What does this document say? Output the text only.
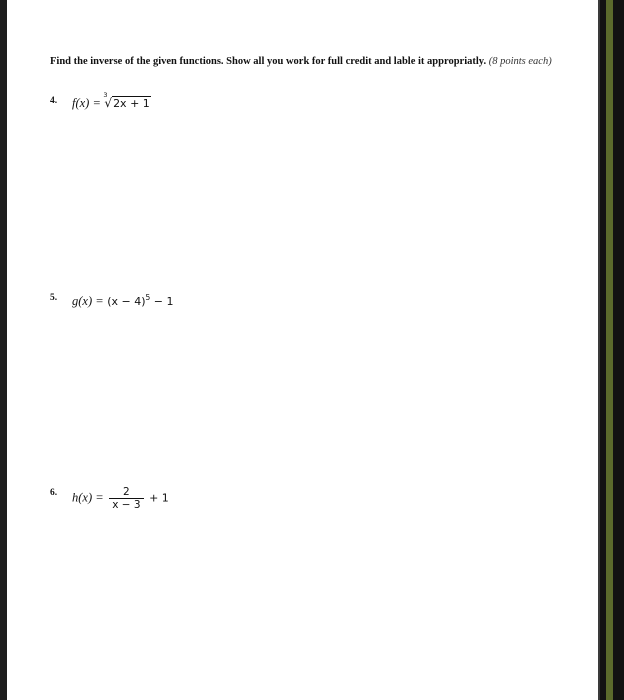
Find the inverse of the given functions. Show all you work for full credit and lable it appropriatly. (8 points each)

4. f(x) =
3
√2x + 1
5. $g(x) = (x - 4)^5 - 1$
6. $h(x) = \frac{2}{x - 3} + 1$
